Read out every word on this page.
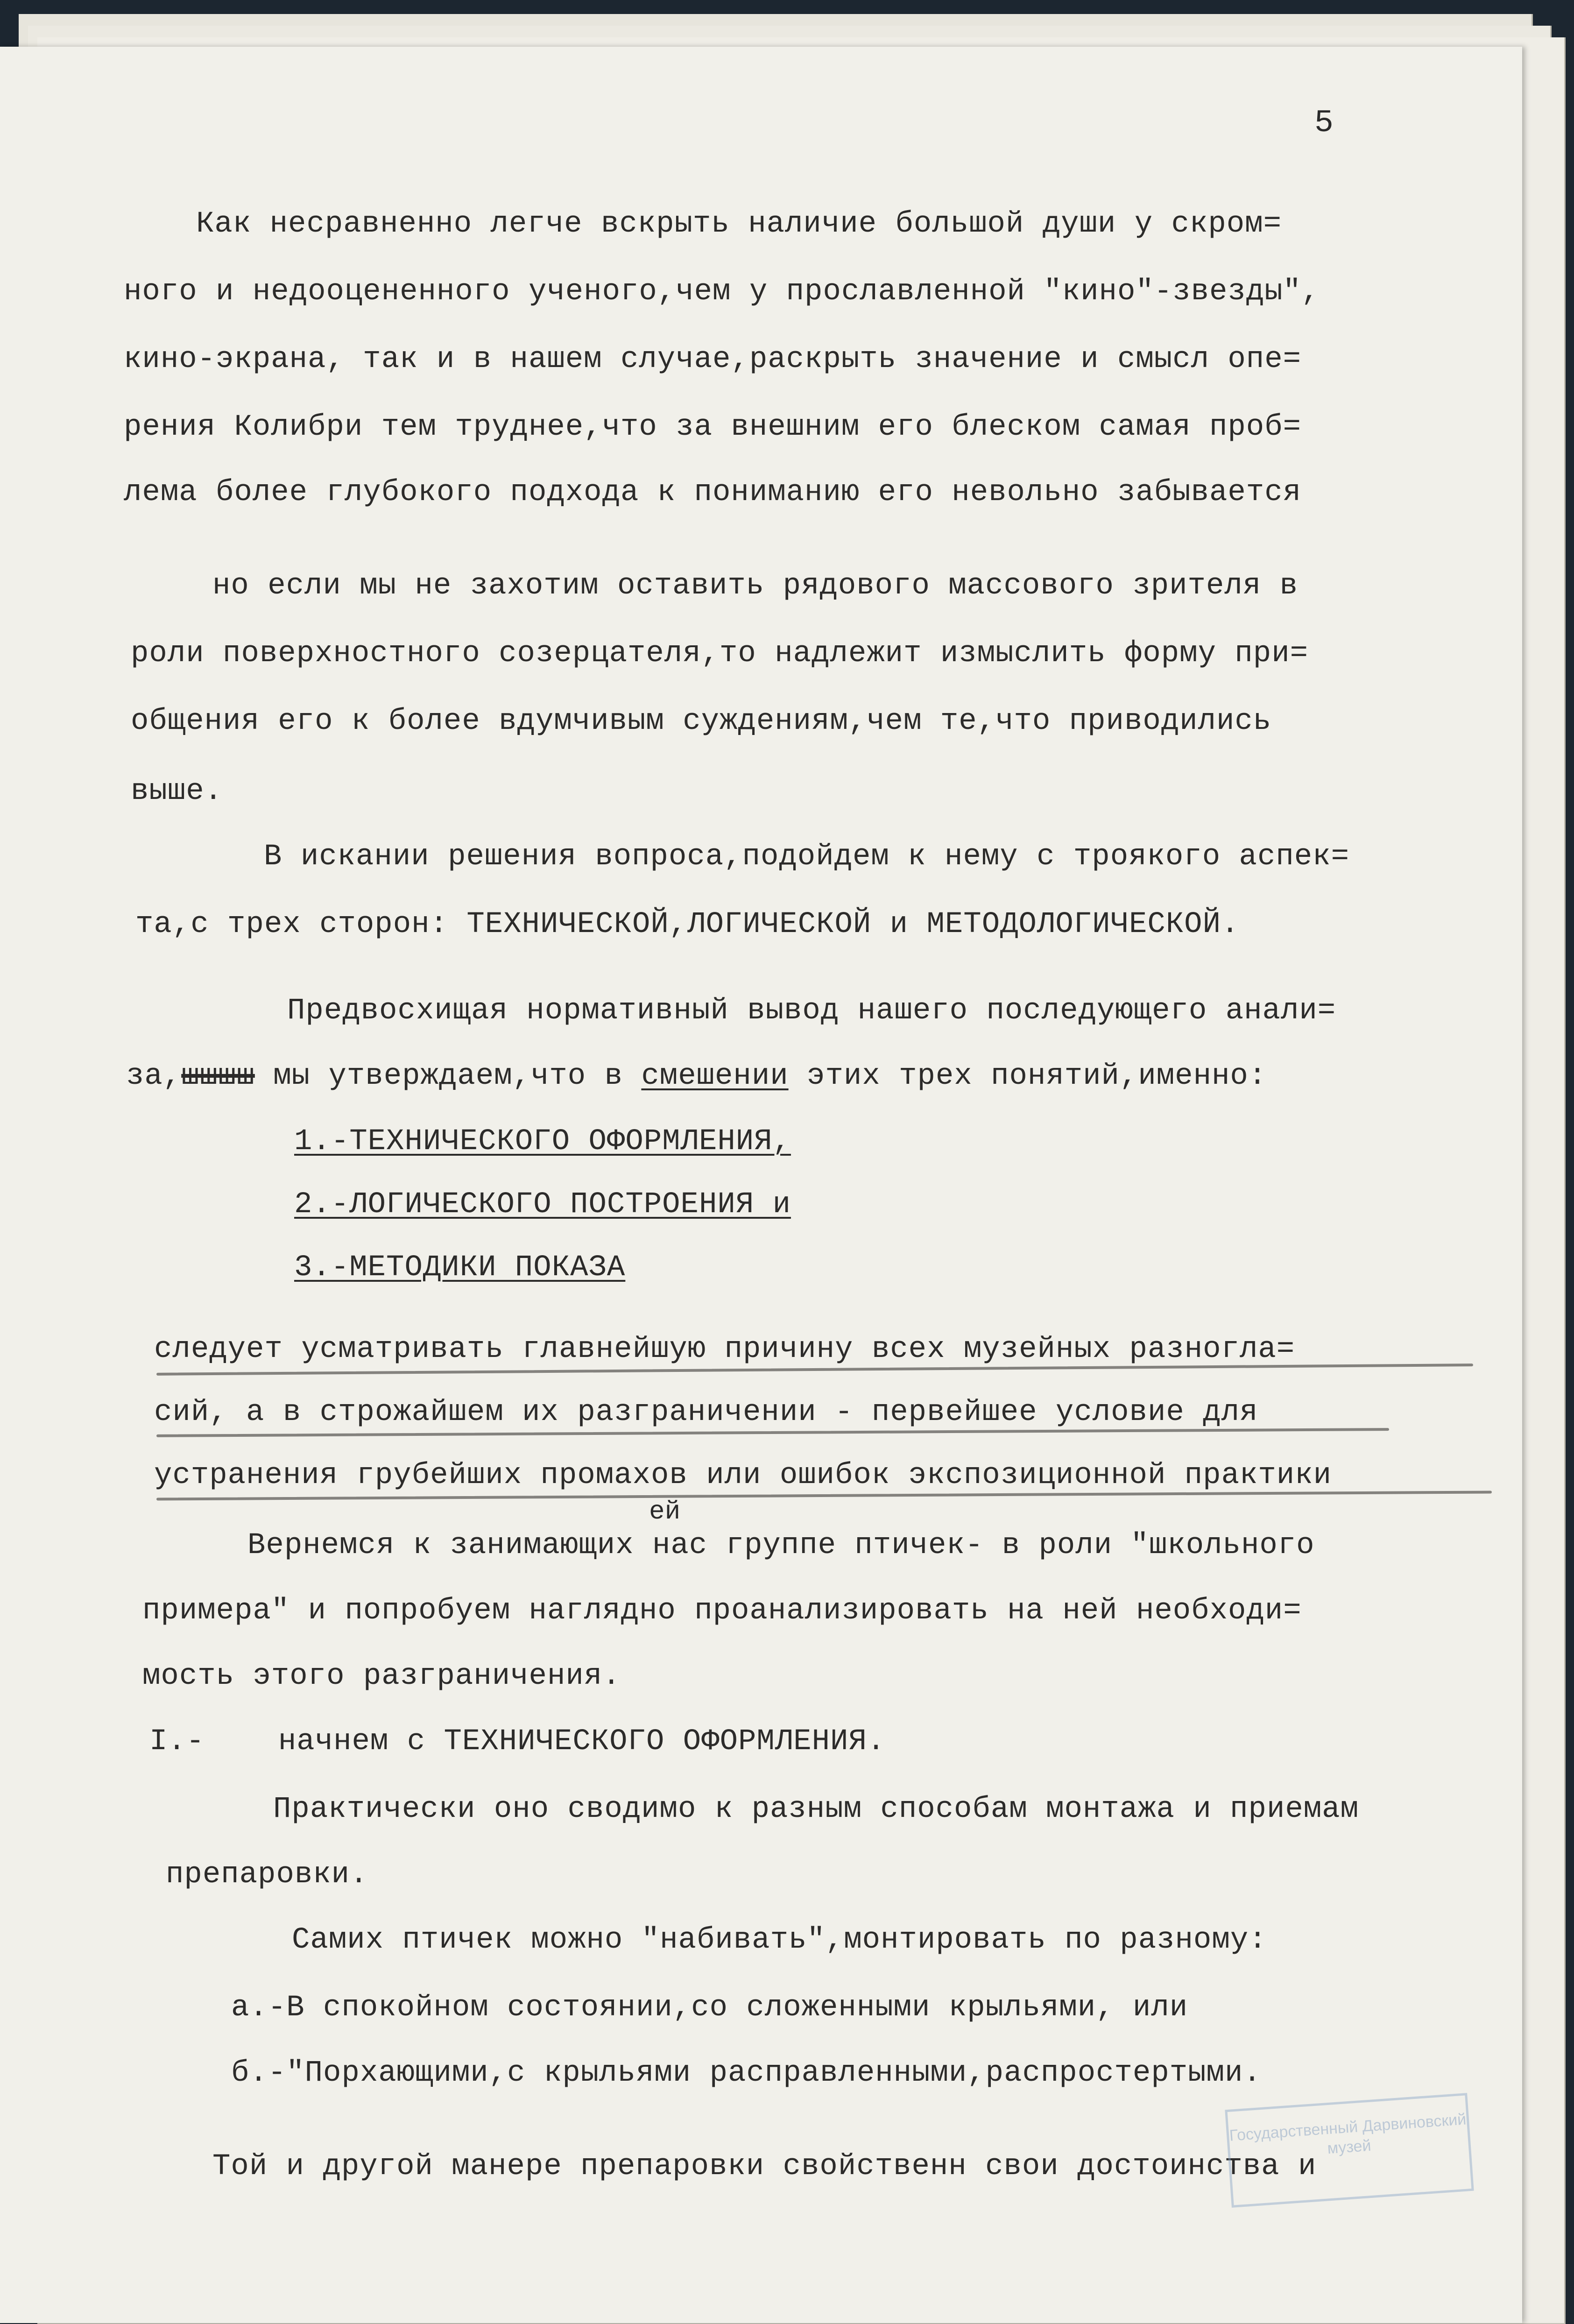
5
Как несравненно легче вскрыть наличие большой души у скром=
ного и недооцененного ученого,чем у прославленной "кино"-звезды",
кино-экрана, так и в нашем случае,раскрыть значение и смысл опе=
рения Колибри тем труднее,что за внешним его блеском самая проб=
лема более глубокого подхода к пониманию его невольно забывается
но если мы не захотим оставить рядового массового зрителя в
роли поверхностного созерцателя,то надлежит измыслить форму при=
общения его к более вдумчивым суждениям,чем те,что приводились
выше.
В искании решения вопроса,подойдем к нему с троякого аспек=
та,с трех сторон: ТЕХНИЧЕСКОЙ,ЛОГИЧЕСКОЙ и МЕТОДОЛОГИЧЕСКОЙ.
Предвосхищая нормативный вывод нашего последующего анали=
за,шшшш мы утверждаем,что в смешении этих трех понятий,именно:
1.-ТЕХНИЧЕСКОГО ОФОРМЛЕНИЯ,
2.-ЛОГИЧЕСКОГО ПОСТРОЕНИЯ и
3.-МЕТОДИКИ ПОКАЗА
следует усматривать главнейшую причину всех музейных разногла=
сий, а в строжайшем их разграничении - первейшее условие для
устранения грубейших промахов или ошибок экспозиционной практики
ей
Вернемся к занимающих нас группе птичек- в роли "школьного
примера" и попробуем наглядно проанализировать на ней необходи=
мость этого разграничения.
I.-    начнем с ТЕХНИЧЕСКОГО ОФОРМЛЕНИЯ.
Практически оно сводимо к разным способам монтажа и приемам
препаровки.
Самих птичек можно "набивать",монтировать по разному:
а.-В спокойном состоянии,со сложенными крыльями, или
б.-"Порхающими,с крыльями расправленными,распростертыми.
Той и другой манере препаровки свойственн свои достоинства и
Государственный Дарвиновский музей
